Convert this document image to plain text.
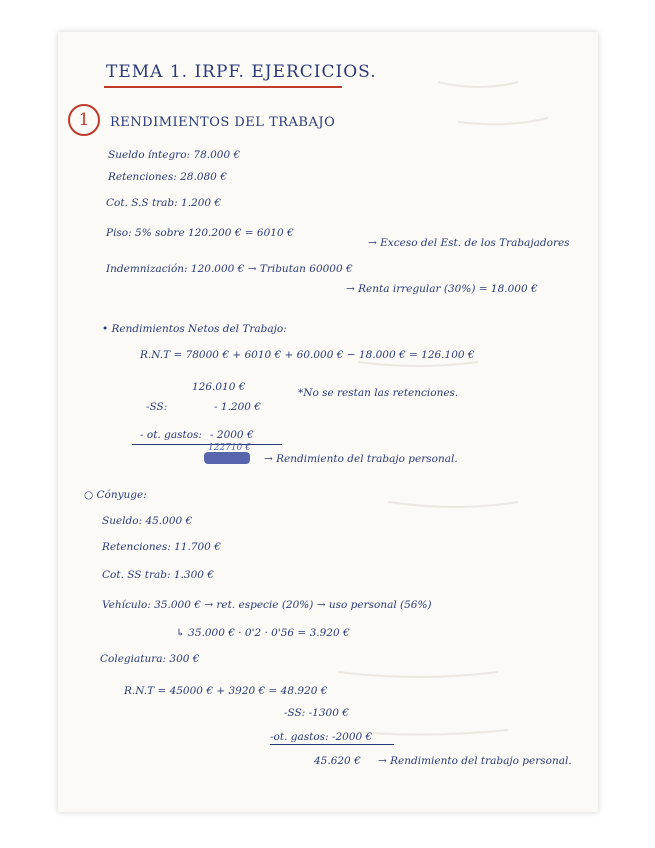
TEMA 1. IRPF. EJERCICIOS.
1	RENDIMIENTOS DEL TRABAJO
Sueldo íntegro: 78.000 €
Retenciones: 28.080 €
Cot. S.S trab: 1.200 €
Piso: 5% sobre 120.200 € = 6010 €
→ Exceso del Est. de los Trabajadores
Indemnización: 120.000 € → Tributan 60000 €
→ Renta irregular (30%) = 18.000 €
• Rendimientos Netos del Trabajo:
R.N.T = 78000 € + 6010 € + 60.000 € − 18.000 € = 126.100 €
126.010 €	*No se restan las retenciones.
-SS:	- 1.200 €
- ot. gastos: - 2000 €
122710 €
→ Rendimiento del trabajo personal.
○ Cónyuge:
Sueldo: 45.000 €
Retenciones: 11.700 €
Cot. SS trab: 1.300 €
Vehículo: 35.000 € → ret. especie (20%) → uso personal (56%)
↳ 35.000 € · 0'2 · 0'56 = 3.920 €
Colegiatura: 300 €
R.N.T = 45000 € + 3920 € = 48.920 €
-SS: -1300 €
-ot. gastos: -2000 €
45.620 € → Rendimiento del trabajo personal.
